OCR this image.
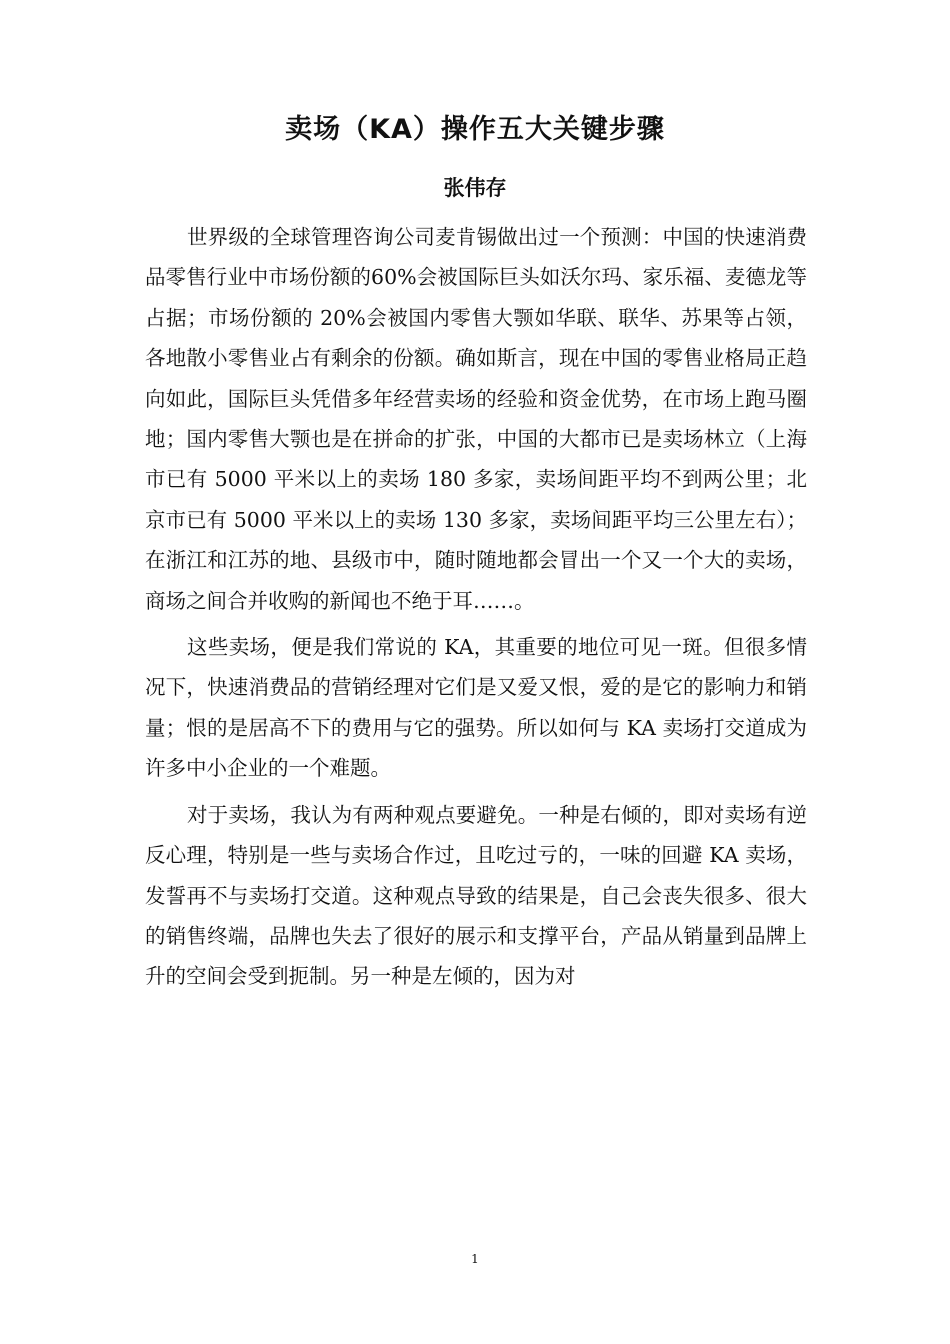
卖场（KA）操作五大关键步骤
张伟存

世界级的全球管理咨询公司麦肯锡做出过一个预测：中国的快速消费品零售行业中市场份额的60%会被国际巨头如沃尔玛、家乐福、麦德龙等占据；市场份额的 20%会被国内零售大颚如华联、联华、苏果等占领，各地散小零售业占有剩余的份额。确如斯言，现在中国的零售业格局正趋向如此，国际巨头凭借多年经营卖场的经验和资金优势，在市场上跑马圈地；国内零售大颚也是在拼命的扩张，中国的大都市已是卖场林立（上海市已有 5000 平米以上的卖场 180 多家，卖场间距平均不到两公里；北京市已有 5000 平米以上的卖场 130 多家，卖场间距平均三公里左右）；在浙江和江苏的地、县级市中，随时随地都会冒出一个又一个大的卖场，商场之间合并收购的新闻也不绝于耳……。

这些卖场，便是我们常说的 KA，其重要的地位可见一斑。但很多情况下，快速消费品的营销经理对它们是又爱又恨，爱的是它的影响力和销量；恨的是居高不下的费用与它的强势。所以如何与 KA 卖场打交道成为许多中小企业的一个难题。

对于卖场，我认为有两种观点要避免。一种是右倾的，即对卖场有逆反心理，特别是一些与卖场合作过，且吃过亏的，一味的回避 KA 卖场，发誓再不与卖场打交道。这种观点导致的结果是，自己会丧失很多、很大的销售终端，品牌也失去了很好的展示和支撑平台，产品从销量到品牌上升的空间会受到扼制。另一种是左倾的，因为对

1
